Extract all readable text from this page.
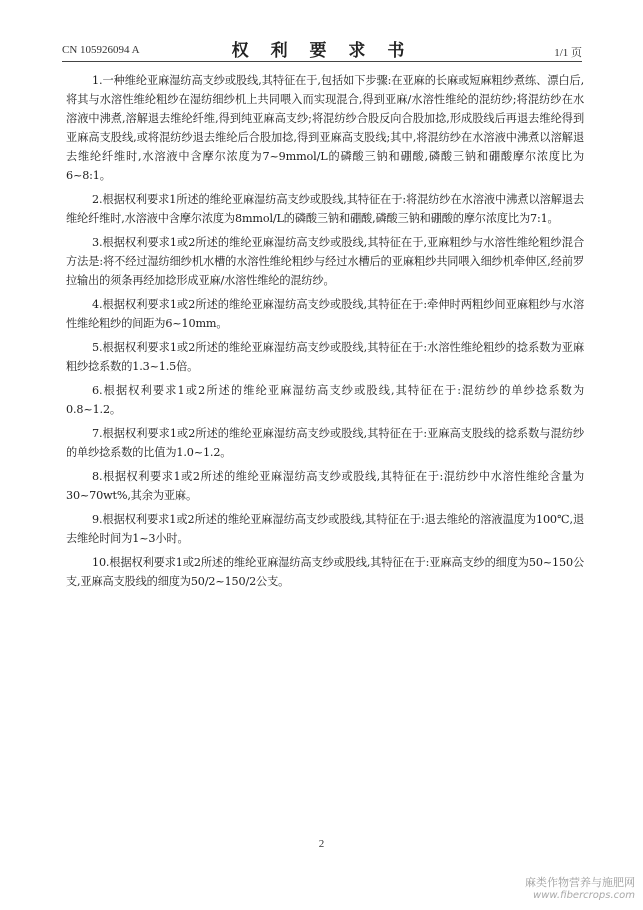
CN 105926094 A	权 利 要 求 书	1/1 页

1.一种维纶亚麻湿纺高支纱或股线,其特征在于,包括如下步骤:在亚麻的长麻或短麻粗纱煮练、漂白后,将其与水溶性维纶粗纱在湿纺细纱机上共同喂入而实现混合,得到亚麻/水溶性维纶的混纺纱;将混纺纱在水溶液中沸煮,溶解退去维纶纤维,得到纯亚麻高支纱;将混纺纱合股反向合股加捻,形成股线后再退去维纶得到亚麻高支股线,或将混纺纱退去维纶后合股加捻,得到亚麻高支股线;其中,将混纺纱在水溶液中沸煮以溶解退去维纶纤维时,水溶液中含摩尔浓度为7~9mmol/L的磷酸三钠和硼酸,磷酸三钠和硼酸摩尔浓度比为6~8:1。

2.根据权利要求1所述的维纶亚麻湿纺高支纱或股线,其特征在于:将混纺纱在水溶液中沸煮以溶解退去维纶纤维时,水溶液中含摩尔浓度为8mmol/L的磷酸三钠和硼酸,磷酸三钠和硼酸的摩尔浓度比为7:1。

3.根据权利要求1或2所述的维纶亚麻湿纺高支纱或股线,其特征在于,亚麻粗纱与水溶性维纶粗纱混合方法是:将不经过湿纺细纱机水槽的水溶性维纶粗纱与经过水槽后的亚麻粗纱共同喂入细纱机牵伸区,经前罗拉输出的须条再经加捻形成亚麻/水溶性维纶的混纺纱。

4.根据权利要求1或2所述的维纶亚麻湿纺高支纱或股线,其特征在于:牵伸时两粗纱间亚麻粗纱与水溶性维纶粗纱的间距为6~10mm。

5.根据权利要求1或2所述的维纶亚麻湿纺高支纱或股线,其特征在于:水溶性维纶粗纱的捻系数为亚麻粗纱捻系数的1.3~1.5倍。

6.根据权利要求1或2所述的维纶亚麻湿纺高支纱或股线,其特征在于:混纺纱的单纱捻系数为0.8~1.2。

7.根据权利要求1或2所述的维纶亚麻湿纺高支纱或股线,其特征在于:亚麻高支股线的捻系数与混纺纱的单纱捻系数的比值为1.0~1.2。

8.根据权利要求1或2所述的维纶亚麻湿纺高支纱或股线,其特征在于:混纺纱中水溶性维纶含量为30~70wt%,其余为亚麻。

9.根据权利要求1或2所述的维纶亚麻湿纺高支纱或股线,其特征在于:退去维纶的溶液温度为100℃,退去维纶时间为1~3小时。

10.根据权利要求1或2所述的维纶亚麻湿纺高支纱或股线,其特征在于:亚麻高支纱的细度为50~150公支,亚麻高支股线的细度为50/2~150/2公支。

2
麻类作物营养与施肥网
www.fibercrops.com
